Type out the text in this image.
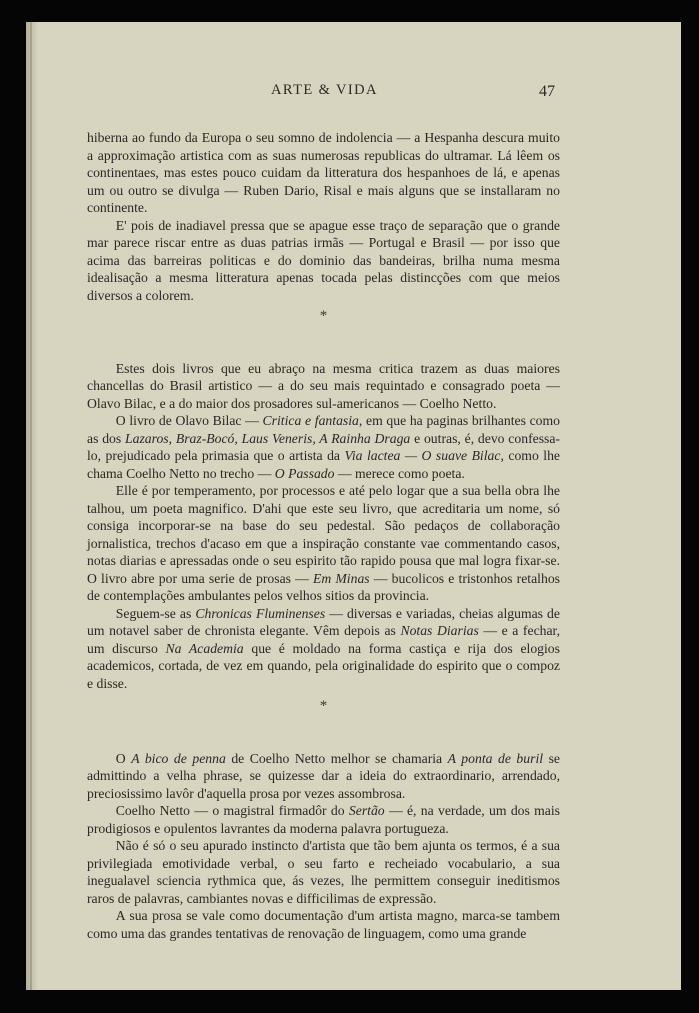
ARTE & VIDA	47

hiberna ao fundo da Europa o seu somno de indolencia — a Hespanha descura muito a approximação artistica com as suas numerosas republicas do ultramar. Lá lêem os continentaes, mas estes pouco cuidam da litteratura dos hespanhoes de lá, e apenas um ou outro se divulga — Ruben Dario, Risal e mais alguns que se installaram no continente.

E' pois de inadiavel pressa que se apague esse traço de separação que o grande mar parece riscar entre as duas patrias irmãs — Portugal e Brasil — por isso que acima das barreiras politicas e do dominio das bandeiras, brilha numa mesma idealisação a mesma litteratura apenas tocada pelas distincções com que meios diversos a colorem.

*

Estes dois livros que eu abraço na mesma critica trazem as duas maiores chancellas do Brasil artistico — a do seu mais requintado e consagrado poeta — Olavo Bilac, e a do maior dos prosadores sul-americanos — Coelho Netto.

O livro de Olavo Bilac — Critica e fantasia, em que ha paginas brilhantes como as dos Lazaros, Braz-Bocó, Laus Veneris, A Rainha Draga e outras, é, devo confessa-lo, prejudicado pela primasia que o artista da Via lactea — O suave Bilac, como lhe chama Coelho Netto no trecho — O Passado — merece como poeta.

Elle é por temperamento, por processos e até pelo logar que a sua bella obra lhe talhou, um poeta magnifico. D'ahi que este seu livro, que acreditaria um nome, só consiga incorporar-se na base do seu pedestal. São pedaços de collaboração jornalistica, trechos d'acaso em que a inspiração constante vae commentando casos, notas diarias e apressadas onde o seu espirito tão rapido pousa que mal logra fixar-se. O livro abre por uma serie de prosas — Em Minas — bucolicos e tristonhos retalhos de contemplações ambulantes pelos velhos sitios da provincia.

Seguem-se as Chronicas Fluminenses — diversas e variadas, cheias algumas de um notavel saber de chronista elegante. Vêm depois as Notas Diarias — e a fechar, um discurso Na Academia que é moldado na forma castiça e rija dos elogios academicos, cortada, de vez em quando, pela originalidade do espirito que o compoz e disse.

*

O A bico de penna de Coelho Netto melhor se chamaria A ponta de buril se admittindo a velha phrase, se quizesse dar a ideia do extraordinario, arrendado, preciosissimo lavôr d'aquella prosa por vezes assombrosa.

Coelho Netto — o magistral firmadôr do Sertão — é, na verdade, um dos mais prodigiosos e opulentos lavrantes da moderna palavra portugueza.

Não é só o seu apurado instincto d'artista que tão bem ajunta os termos, é a sua privilegiada emotividade verbal, o seu farto e recheiado vocabulario, a sua inegualavel sciencia rythmica que, ás vezes, lhe permittem conseguir ineditismos raros de palavras, cambiantes novas e difficilimas de expressão.

A sua prosa se vale como documentação d'um artista magno, marca-se tambem como uma das grandes tentativas de renovação de linguagem, como uma grande
